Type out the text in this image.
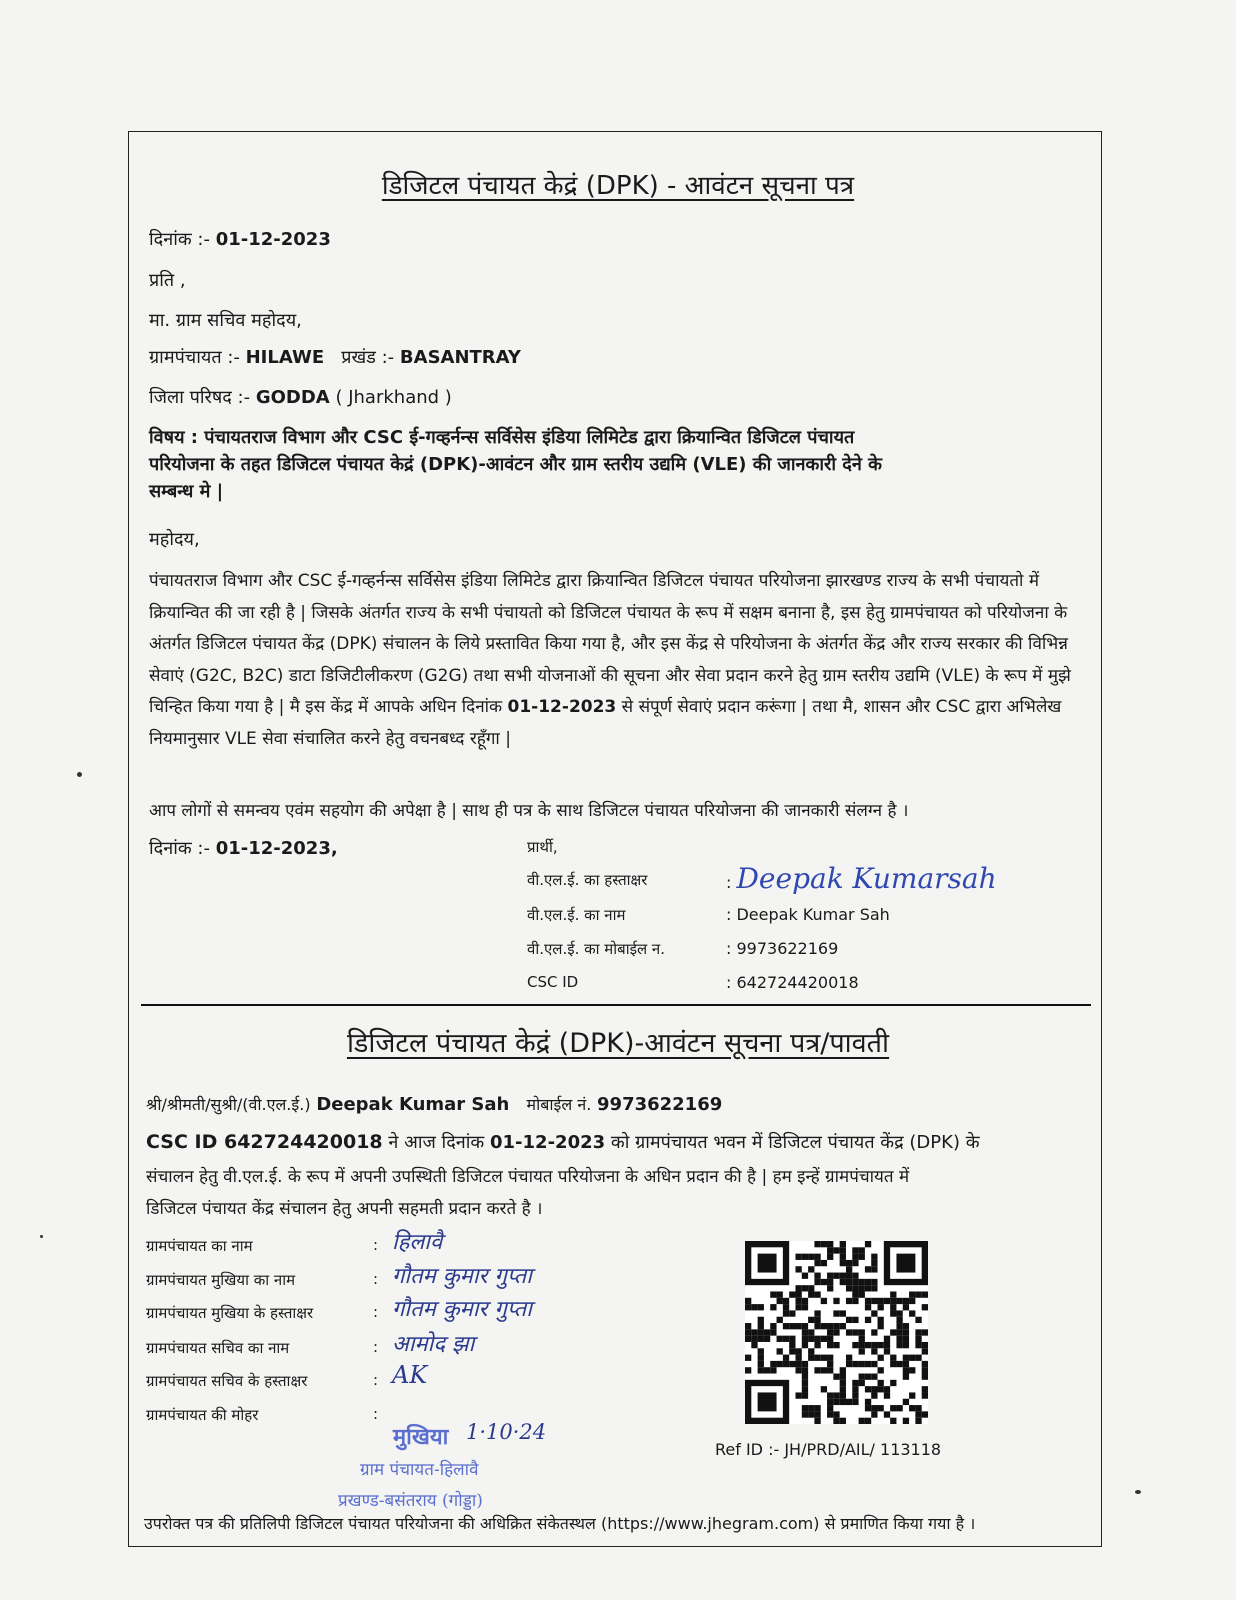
डिजिटल पंचायत केद्रं (DPK) - आवंटन सूचना पत्र
दिनांक :- 01-12-2023
प्रति ,
मा. ग्राम सचिव महोदय,
ग्रामपंचायत :- HILAWE प्रखंड :- BASANTRAY
जिला परिषद :- GODDA ( Jharkhand )
विषय : पंचायतराज विभाग और CSC ई-गव्हर्नन्स सर्विसेस इंडिया लिमिटेड द्वारा क्रियान्वित डिजिटल पंचायत
परियोजना के तहत डिजिटल पंचायत केद्रं (DPK)-आवंटन और ग्राम स्तरीय उद्यमि (VLE) की जानकारी देने के
सम्बन्ध मे |
महोदय,
पंचायतराज विभाग और CSC ई-गव्हर्नन्स सर्विसेस इंडिया लिमिटेड द्वारा क्रियान्वित डिजिटल पंचायत परियोजना झारखण्ड राज्य के सभी पंचायतो में क्रियान्वित की जा रही है | जिसके अंतर्गत राज्य के सभी पंचायतो को डिजिटल पंचायत के रूप में सक्षम बनाना है, इस हेतु ग्रामपंचायत को परियोजना के अंतर्गत डिजिटल पंचायत केंद्र (DPK) संचालन के लिये प्रस्तावित किया गया है, और इस केंद्र से परियोजना के अंतर्गत केंद्र और राज्य सरकार की विभिन्न सेवाएं (G2C, B2C) डाटा डिजिटीलीकरण (G2G) तथा सभी योजनाओं की सूचना और सेवा प्रदान करने हेतु ग्राम स्तरीय उद्यमि (VLE) के रूप में मुझे चिन्हित किया गया है | मै इस केंद्र में आपके अधिन दिनांक 01-12-2023 से संपूर्ण सेवाएं प्रदान करूंगा | तथा मै, शासन और CSC द्वारा अभिलेख नियमानुसार VLE सेवा संचालित करने हेतु वचनबध्द रहूँगा |
आप लोगों से समन्वय एवंम सहयोग की अपेक्षा है | साथ ही पत्र के साथ डिजिटल पंचायत परियोजना की जानकारी संलग्न है ।
दिनांक :- 01-12-2023,	प्रार्थी,
वी.एल.ई. का हस्ताक्षर	: Deepak Kumarsah
वी.एल.ई. का नाम	: Deepak Kumar Sah
वी.एल.ई. का मोबाईल न.	: 9973622169
CSC ID	: 642724420018
डिजिटल पंचायत केद्रं (DPK)-आवंटन सूचना पत्र/पावती
श्री/श्रीमती/सुश्री/(वी.एल.ई.) Deepak Kumar Sah मोबाईल नं. 9973622169
CSC ID 642724420018 ने आज दिनांक 01-12-2023 को ग्रामपंचायत भवन में डिजिटल पंचायत केंद्र (DPK) के
संचालन हेतु वी.एल.ई. के रूप में अपनी उपस्थिती डिजिटल पंचायत परियोजना के अधिन प्रदान की है | हम इन्हें ग्रामपंचायत में
डिजिटल पंचायत केंद्र संचालन हेतु अपनी सहमती प्रदान करते है ।
ग्रामपंचायत का नाम	: हिलावै
ग्रामपंचायत मुखिया का नाम	: गौतम कुमार गुप्ता
ग्रामपंचायत मुखिया के हस्ताक्षर	: गौतम कुमार गुप्ता
ग्रामपंचायत सचिव का नाम	: आमोद झा
ग्रामपंचायत सचिव के हस्ताक्षर	: AK
ग्रामपंचायत की मोहर	:
मुखिया 1·10·24
ग्राम पंचायत-हिलावै
प्रखण्ड-बसंतराय (गोड्डा)
Ref ID :- JH/PRD/AIL/ 113118
उपरोक्त पत्र की प्रतिलिपी डिजिटल पंचायत परियोजना की अधिक्रित संकेतस्थल (https://www.jhegram.com) से प्रमाणित किया गया है ।
